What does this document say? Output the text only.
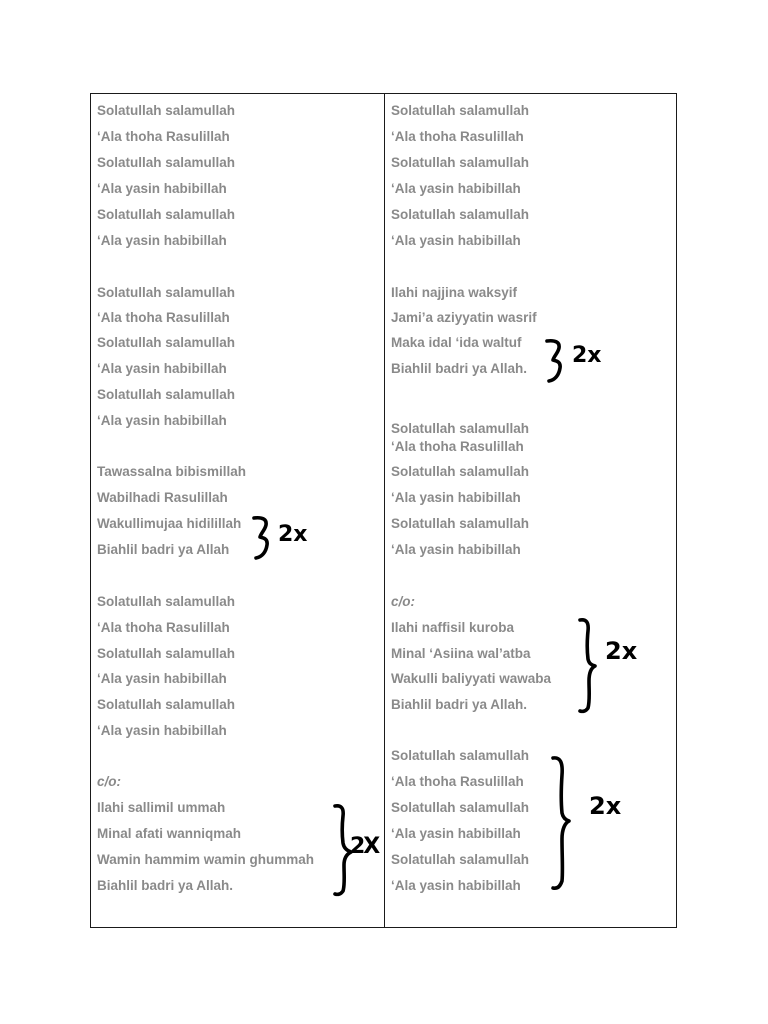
Solatullah salamullah
‘Ala thoha Rasulillah
Solatullah salamullah
‘Ala yasin habibillah
Solatullah salamullah
‘Ala yasin habibillah
Solatullah salamullah
‘Ala thoha Rasulillah
Solatullah salamullah
‘Ala yasin habibillah
Solatullah salamullah
‘Ala yasin habibillah
Tawassalna bibismillah
Wabilhadi Rasulillah
Wakullimujaa hidilillah
Biahlil badri ya Allah
Solatullah salamullah
‘Ala thoha Rasulillah
Solatullah salamullah
‘Ala yasin habibillah
Solatullah salamullah
‘Ala yasin habibillah
c/o:
Ilahi sallimil ummah
Minal afati wanniqmah
Wamin hammim wamin ghummah
Biahlil badri ya Allah.
Solatullah salamullah
‘Ala thoha Rasulillah
Solatullah salamullah
‘Ala yasin habibillah
Solatullah salamullah
‘Ala yasin habibillah
Ilahi najjina waksyif
Jami’a aziyyatin wasrif
Maka idal ‘ida waltuf
Biahlil badri ya Allah.
Solatullah salamullah
‘Ala thoha Rasulillah
Solatullah salamullah
‘Ala yasin habibillah
Solatullah salamullah
‘Ala yasin habibillah
c/o:
Ilahi naffisil kuroba
Minal ‘Asiina wal’atba
Wakulli baliyyati wawaba
Biahlil badri ya Allah.
Solatullah salamullah
‘Ala thoha Rasulillah
Solatullah salamullah
‘Ala yasin habibillah
Solatullah salamullah
‘Ala yasin habibillah
2x
2x
2X
2x
2x
